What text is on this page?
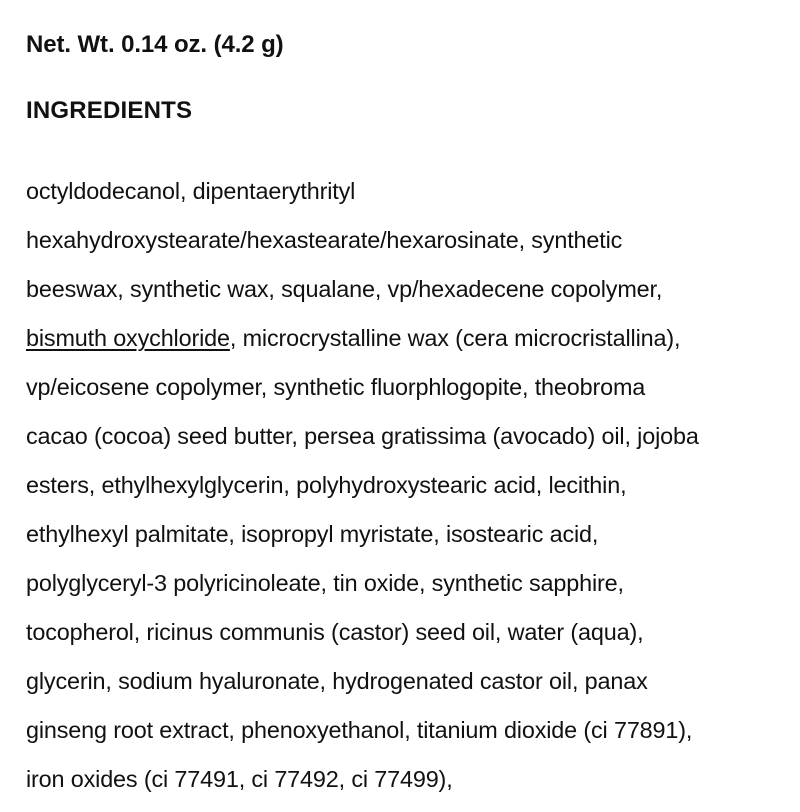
Net. Wt. 0.14 oz. (4.2 g)
INGREDIENTS
octyldodecanol, dipentaerythrityl
hexahydroxystearate/hexastearate/hexarosinate, synthetic
beeswax, synthetic wax, squalane, vp/hexadecene copolymer,
bismuth oxychloride, microcrystalline wax (cera microcristallina),
vp/eicosene copolymer, synthetic fluorphlogopite, theobroma
cacao (cocoa) seed butter, persea gratissima (avocado) oil, jojoba
esters, ethylhexylglycerin, polyhydroxystearic acid, lecithin,
ethylhexyl palmitate, isopropyl myristate, isostearic acid,
polyglyceryl-3 polyricinoleate, tin oxide, synthetic sapphire,
tocopherol, ricinus communis (castor) seed oil, water (aqua),
glycerin, sodium hyaluronate, hydrogenated castor oil, panax
ginseng root extract, phenoxyethanol, titanium dioxide (ci 77891),
iron oxides (ci 77491, ci 77492, ci 77499),
